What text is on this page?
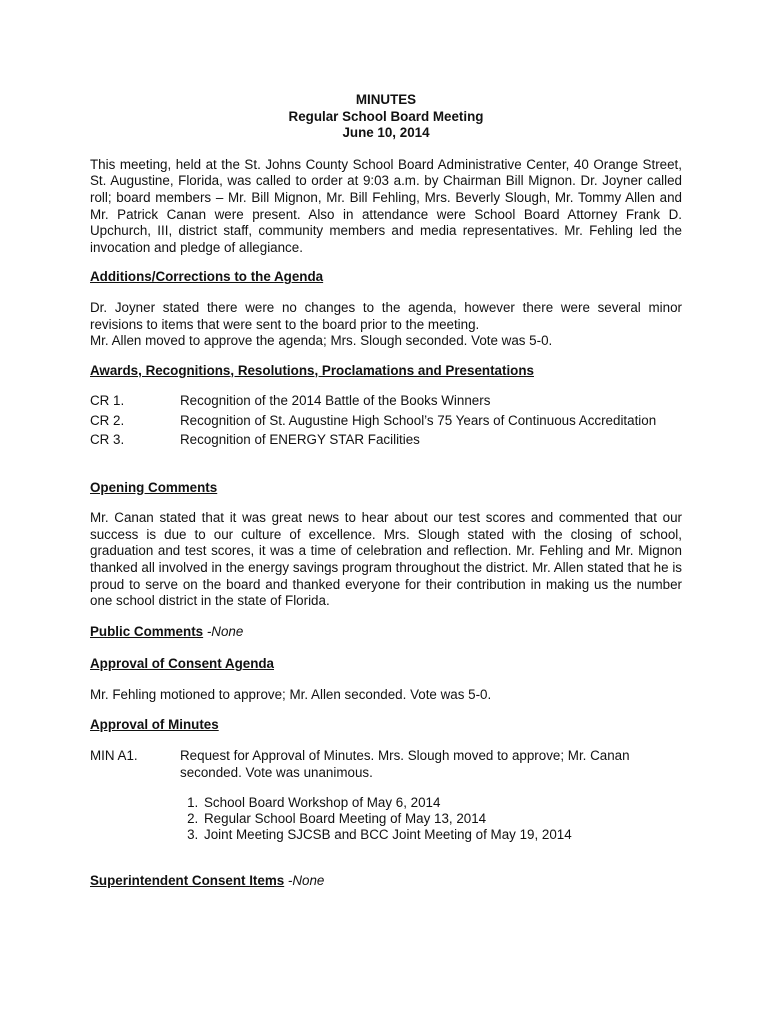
MINUTES
Regular School Board Meeting
June 10, 2014

This meeting, held at the St. Johns County School Board Administrative Center, 40 Orange Street, St. Augustine, Florida, was called to order at 9:03 a.m. by Chairman Bill Mignon. Dr. Joyner called roll; board members – Mr. Bill Mignon, Mr. Bill Fehling, Mrs. Beverly Slough, Mr. Tommy Allen and Mr. Patrick Canan were present. Also in attendance were School Board Attorney Frank D. Upchurch, III, district staff, community members and media representatives. Mr. Fehling led the invocation and pledge of allegiance.

Additions/Corrections to the Agenda

Dr. Joyner stated there were no changes to the agenda, however there were several minor revisions to items that were sent to the board prior to the meeting.

Mr. Allen moved to approve the agenda; Mrs. Slough seconded. Vote was 5-0.

Awards, Recognitions, Resolutions, Proclamations and Presentations
CR 1.	Recognition of the 2014 Battle of the Books Winners
CR 2.	Recognition of St. Augustine High School’s 75 Years of Continuous Accreditation
CR 3.	Recognition of ENERGY STAR Facilities
Opening Comments

Mr. Canan stated that it was great news to hear about our test scores and commented that our success is due to our culture of excellence. Mrs. Slough stated with the closing of school, graduation and test scores, it was a time of celebration and reflection. Mr. Fehling and Mr. Mignon thanked all involved in the energy savings program throughout the district. Mr. Allen stated that he is proud to serve on the board and thanked everyone for their contribution in making us the number one school district in the state of Florida.

Public Comments -None
Approval of Consent Agenda

Mr. Fehling motioned to approve; Mr. Allen seconded. Vote was 5-0.

Approval of Minutes
MIN A1.	Request for Approval of Minutes. Mrs. Slough moved to approve; Mr. Canan seconded. Vote was unanimous.
1. School Board Workshop of May 6, 2014
2. Regular School Board Meeting of May 13, 2014
3. Joint Meeting SJCSB and BCC Joint Meeting of May 19, 2014
Superintendent Consent Items -None
